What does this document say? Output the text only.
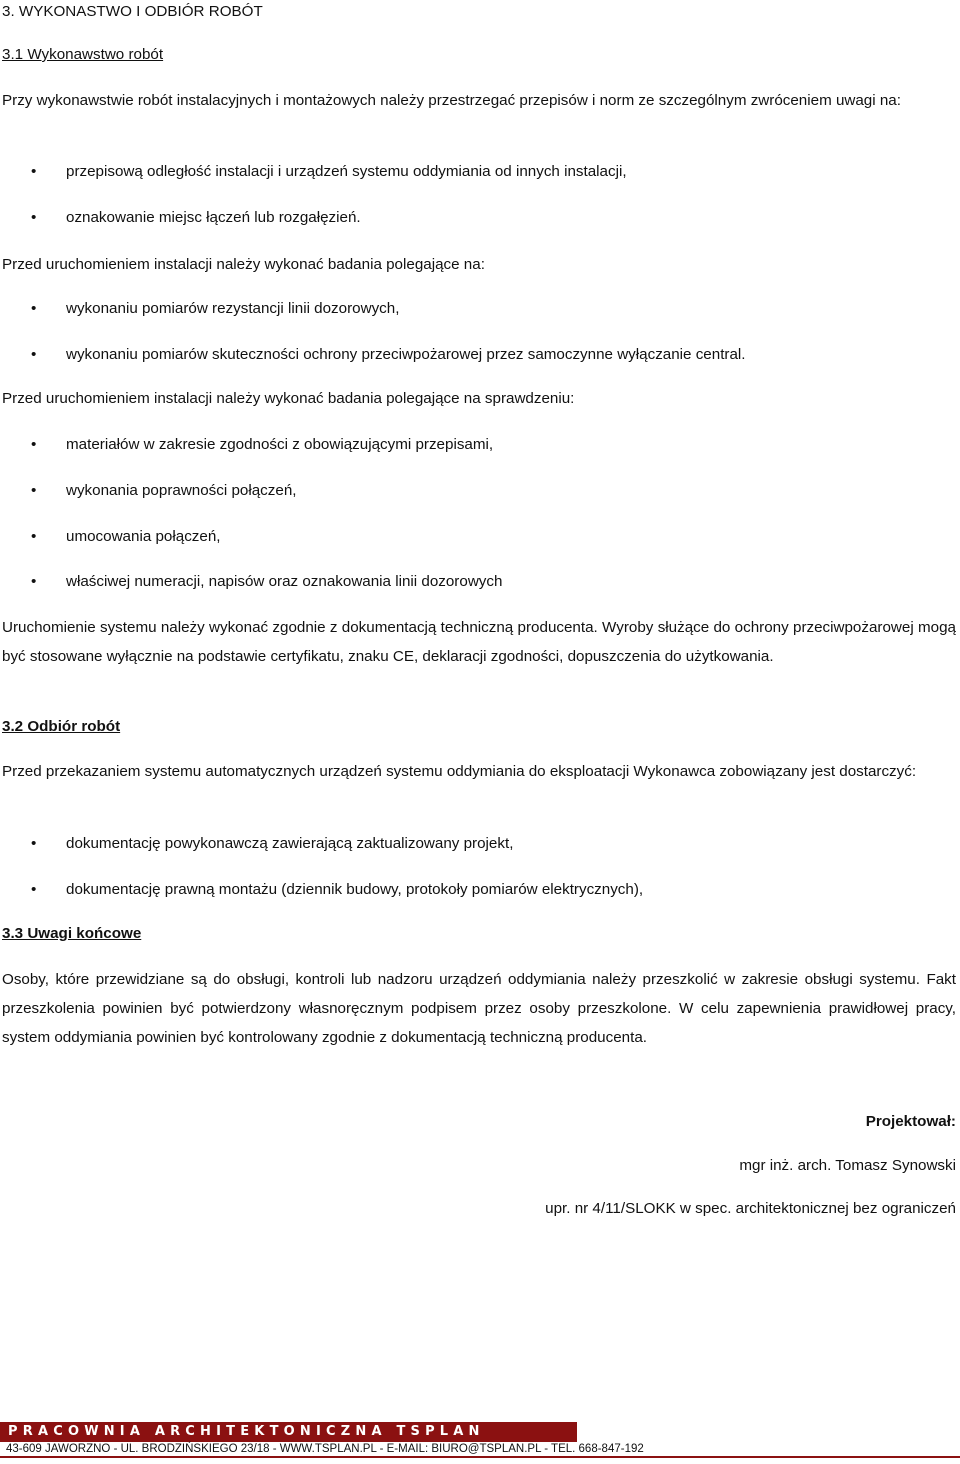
3. WYKONASTWO I ODBIÓR ROBÓT
3.1 Wykonawstwo robót
Przy wykonawstwie robót instalacyjnych i montażowych należy przestrzegać przepisów i norm ze szczególnym zwróceniem uwagi na:
• przepisową odległość instalacji i urządzeń systemu oddymiania od innych instalacji,
• oznakowanie miejsc łączeń lub rozgałęzień.
Przed uruchomieniem instalacji należy wykonać badania polegające na:
• wykonaniu pomiarów rezystancji linii dozorowych,
• wykonaniu pomiarów skuteczności ochrony przeciwpożarowej przez samoczynne wyłączanie central.
Przed uruchomieniem instalacji należy wykonać badania polegające na sprawdzeniu:
• materiałów w zakresie zgodności z obowiązującymi przepisami,
• wykonania poprawności połączeń,
• umocowania połączeń,
• właściwej numeracji, napisów oraz oznakowania linii dozorowych
Uruchomienie systemu należy wykonać zgodnie z dokumentacją techniczną producenta. Wyroby służące do ochrony przeciwpożarowej mogą być stosowane wyłącznie na podstawie certyfikatu, znaku CE, deklaracji zgodności, dopuszczenia do użytkowania.
3.2 Odbiór robót
Przed przekazaniem systemu automatycznych urządzeń systemu oddymiania do eksploatacji Wykonawca zobowiązany jest dostarczyć:
• dokumentację powykonawczą zawierającą zaktualizowany projekt,
• dokumentację prawną montażu (dziennik budowy, protokoły pomiarów elektrycznych),
3.3 Uwagi końcowe
Osoby, które przewidziane są do obsługi, kontroli lub nadzoru urządzeń oddymiania należy przeszkolić w zakresie obsługi systemu. Fakt przeszkolenia powinien być potwierdzony własnoręcznym podpisem przez osoby przeszkolone. W celu zapewnienia prawidłowej pracy, system oddymiania powinien być kontrolowany zgodnie z dokumentacją techniczną producenta.
Projektował:
mgr inż. arch. Tomasz Synowski
upr. nr 4/11/SLOKK w spec. architektonicznej bez ograniczeń
PRACOWNIA ARCHITEKTONICZNA TSPLAN
43-609 JAWORZNO - UL. BRODZIŃSKIEGO 23/18 - WWW.TSPLAN.PL - E-MAIL: BIURO@TSPLAN.PL - TEL. 668-847-192
